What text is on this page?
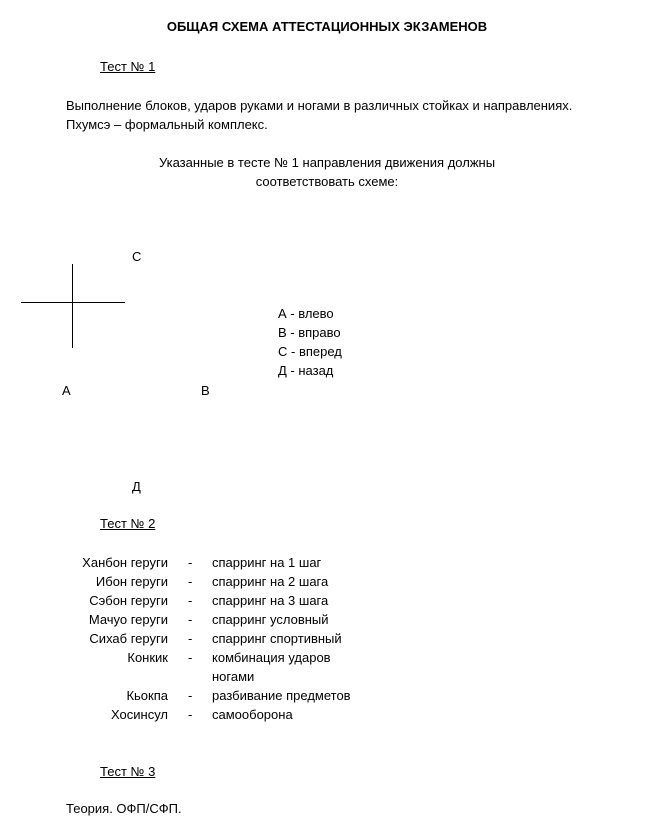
ОБЩАЯ СХЕМА АТТЕСТАЦИОННЫХ ЭКЗАМЕНОВ
Тест № 1
Выполнение блоков, ударов руками и ногами в различных стойках и направлениях.
Пхумсэ – формальный комплекс.
Указанные в тесте № 1 направления движения должны
соответствовать схеме:
С
А	В
Д
А - влево
В - вправо
С - вперед
Д - назад
Тест № 2
Ханбон геруги - спарринг на 1 шаг
Ибон геруги - спарринг на 2 шага
Сэбон геруги - спарринг на 3 шага
Мачуо геруги - спарринг условный
Сихаб геруги - спарринг спортивный
Конкик - комбинация ударов
ногами
Кьокпа - разбивание предметов
Хосинсул - самооборона
Тест № 3
Теория. ОФП/СФП.
